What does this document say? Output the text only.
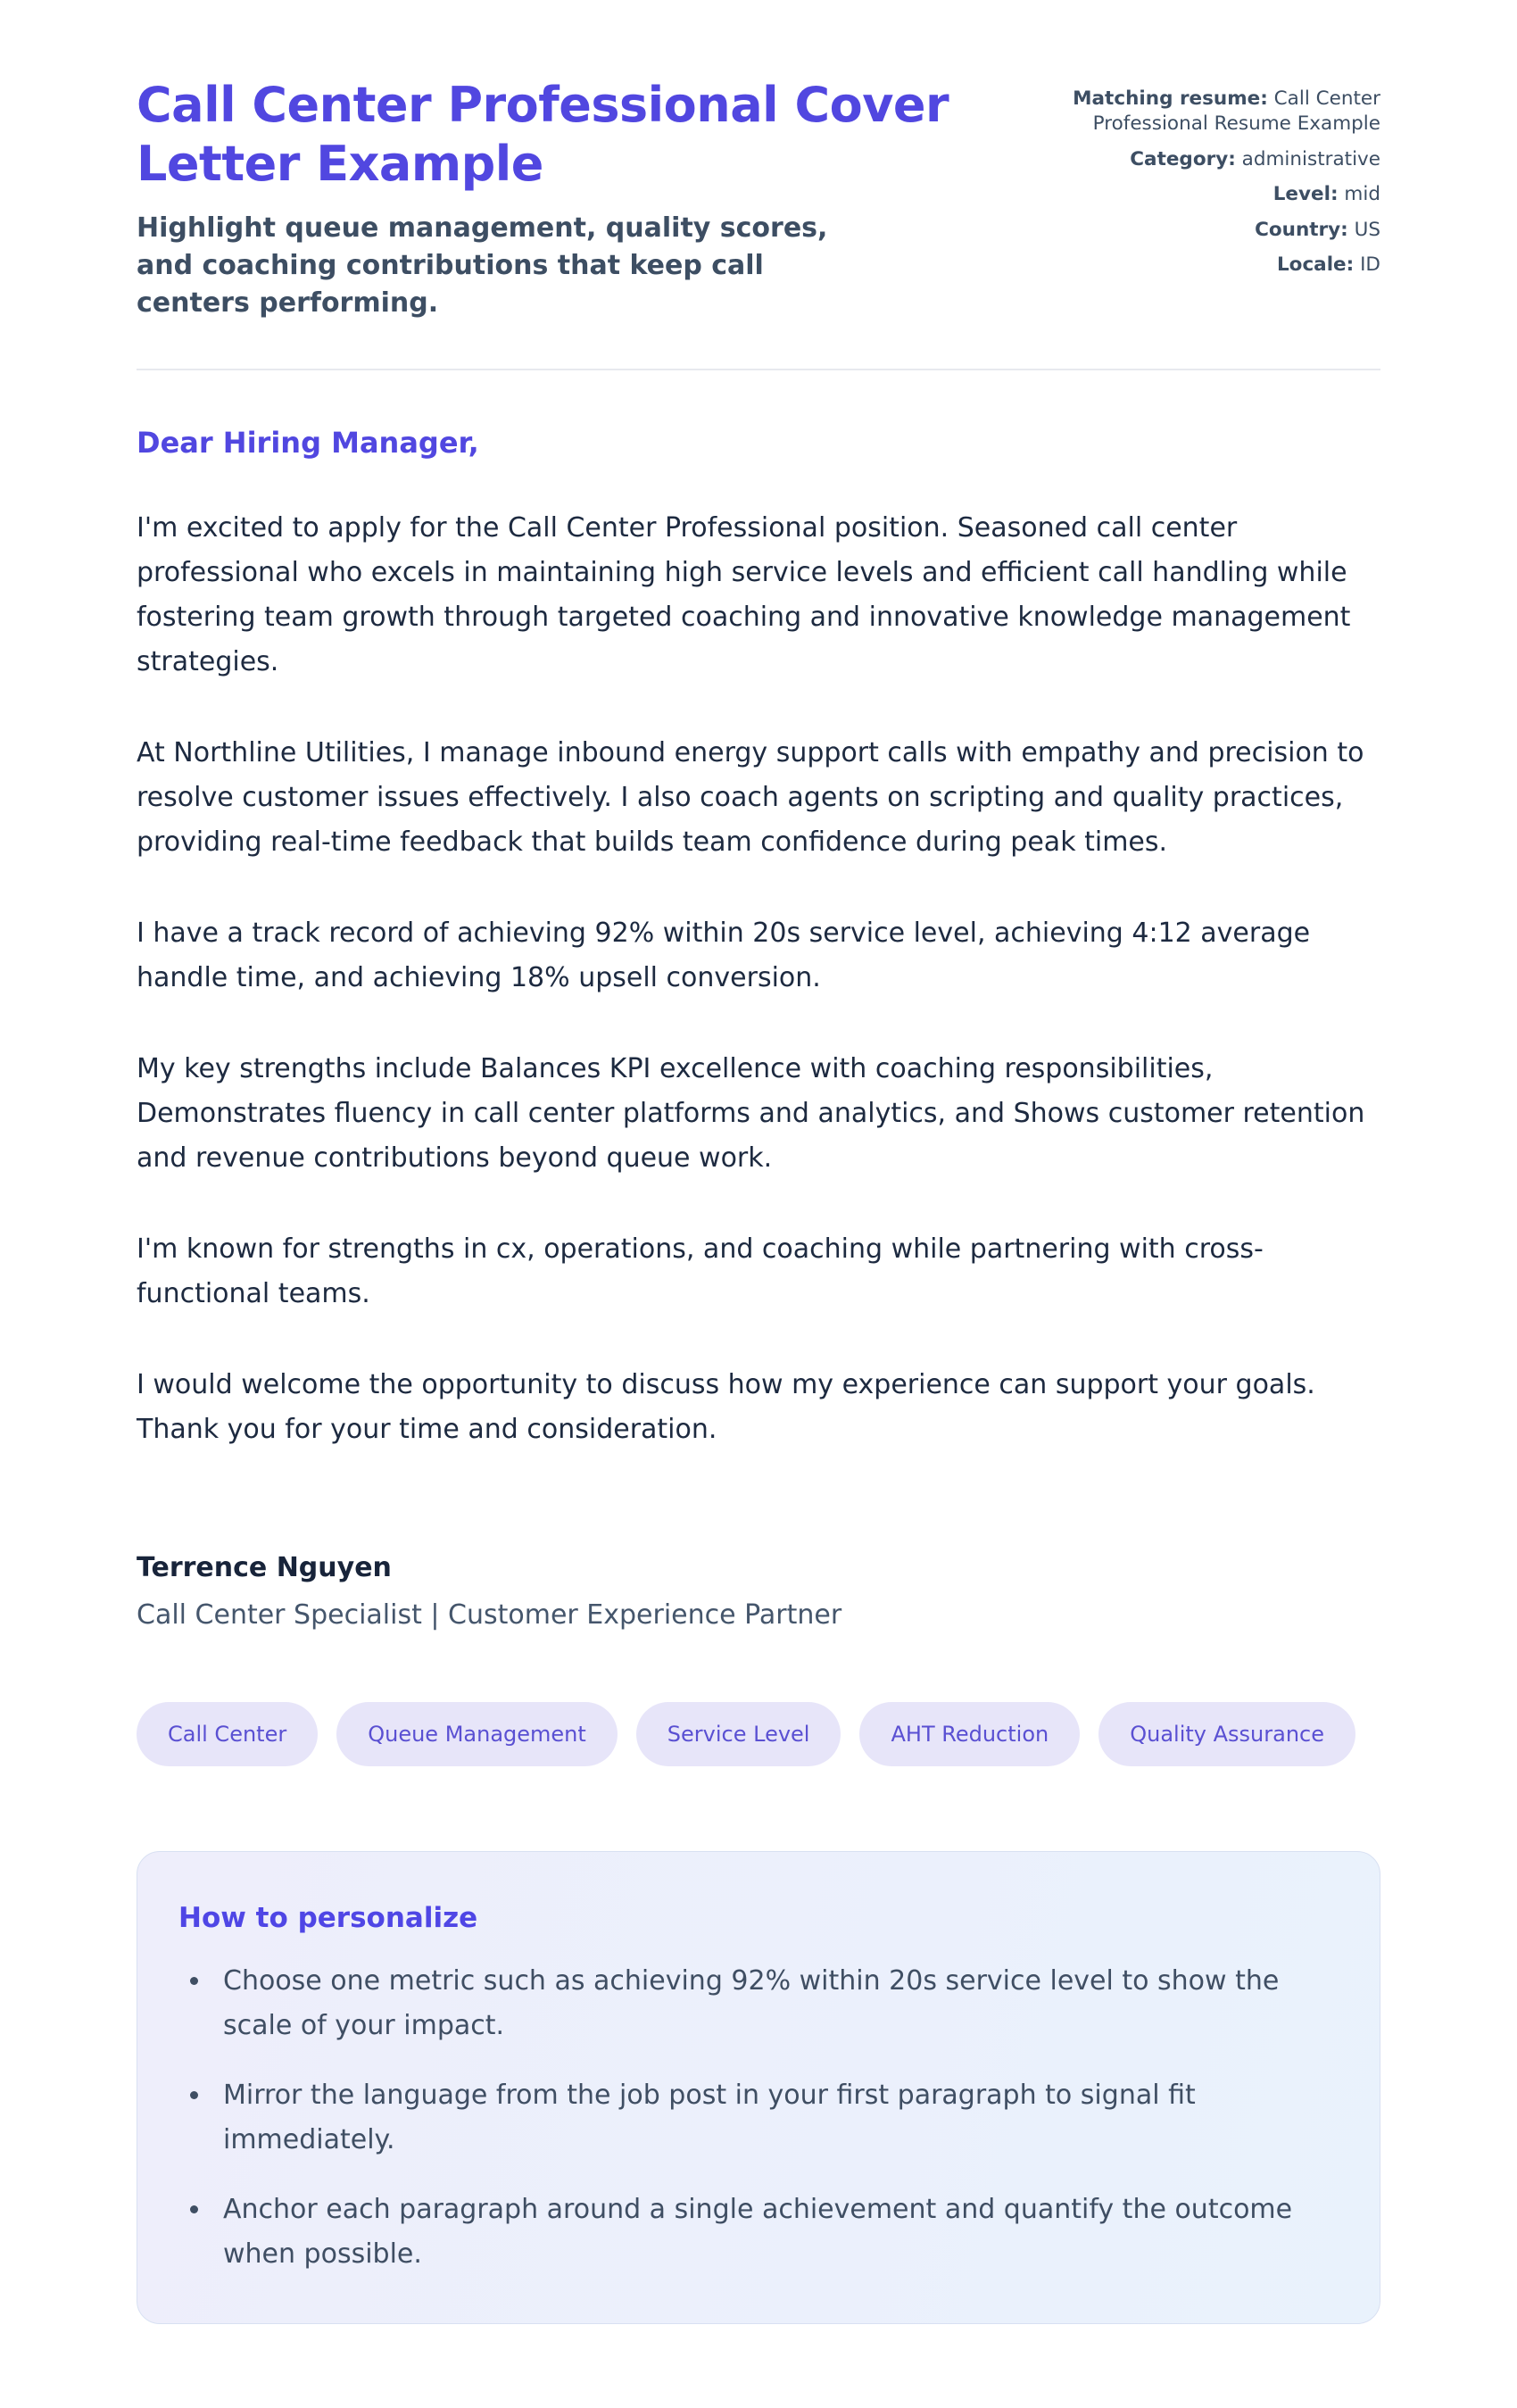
Call Center Professional Cover Letter Example

Highlight queue management, quality scores, and coaching contributions that keep call centers performing.

Matching resume: Call Center Professional Resume Example
Category: administrative
Level: mid
Country: US
Locale: ID

Dear Hiring Manager,

I'm excited to apply for the Call Center Professional position. Seasoned call center professional who excels in maintaining high service levels and efficient call handling while fostering team growth through targeted coaching and innovative knowledge management strategies.

At Northline Utilities, I manage inbound energy support calls with empathy and precision to resolve customer issues effectively. I also coach agents on scripting and quality practices, providing real-time feedback that builds team confidence during peak times.

I have a track record of achieving 92% within 20s service level, achieving 4:12 average handle time, and achieving 18% upsell conversion.

My key strengths include Balances KPI excellence with coaching responsibilities, Demonstrates fluency in call center platforms and analytics, and Shows customer retention and revenue contributions beyond queue work.

I'm known for strengths in cx, operations, and coaching while partnering with cross-functional teams.

I would welcome the opportunity to discuss how my experience can support your goals. Thank you for your time and consideration.

Terrence Nguyen

Call Center Specialist | Customer Experience Partner

Call Center	Queue Management	Service Level	AHT Reduction	Quality Assurance
How to personalize
• Choose one metric such as achieving 92% within 20s service level to show the scale of your impact.
• Mirror the language from the job post in your first paragraph to signal fit immediately.
• Anchor each paragraph around a single achievement and quantify the outcome when possible.
